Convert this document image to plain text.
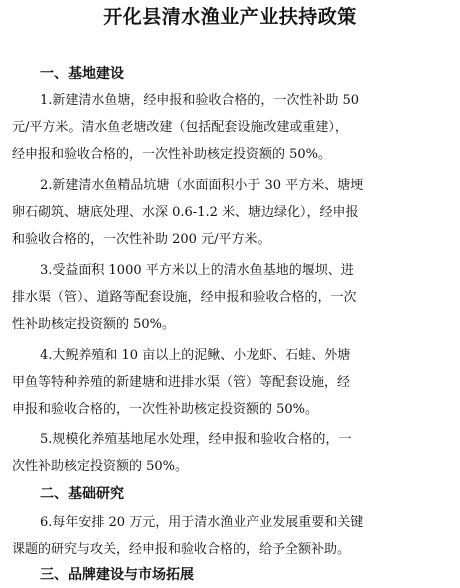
开化县清水渔业产业扶持政策
一、基地建设
1.新建清水鱼塘，经申报和验收合格的，一次性补助 50
元/平方米。清水鱼老塘改建（包括配套设施改建或重建），
经申报和验收合格的，一次性补助核定投资额的 50%。
2.新建清水鱼精品坑塘（水面面积小于 30 平方米、塘埂
卵石砌筑、塘底处理、水深 0.6-1.2 米、塘边绿化），经申报
和验收合格的，一次性补助 200 元/平方米。
3.受益面积 1000 平方米以上的清水鱼基地的堰坝、进
排水渠（管）、道路等配套设施，经申报和验收合格的，一次
性补助核定投资额的 50%。
4.大鲵养殖和 10 亩以上的泥鳅、小龙虾、石蛙、外塘
甲鱼等特种养殖的新建塘和进排水渠（管）等配套设施，经
申报和验收合格的，一次性补助核定投资额的 50%。
5.规模化养殖基地尾水处理，经申报和验收合格的，一
次性补助核定投资额的 50%。
二、基础研究
6.每年安排 20 万元，用于清水渔业产业发展重要和关键
课题的研究与攻关，经申报和验收合格的，给予全额补助。
三、品牌建设与市场拓展
